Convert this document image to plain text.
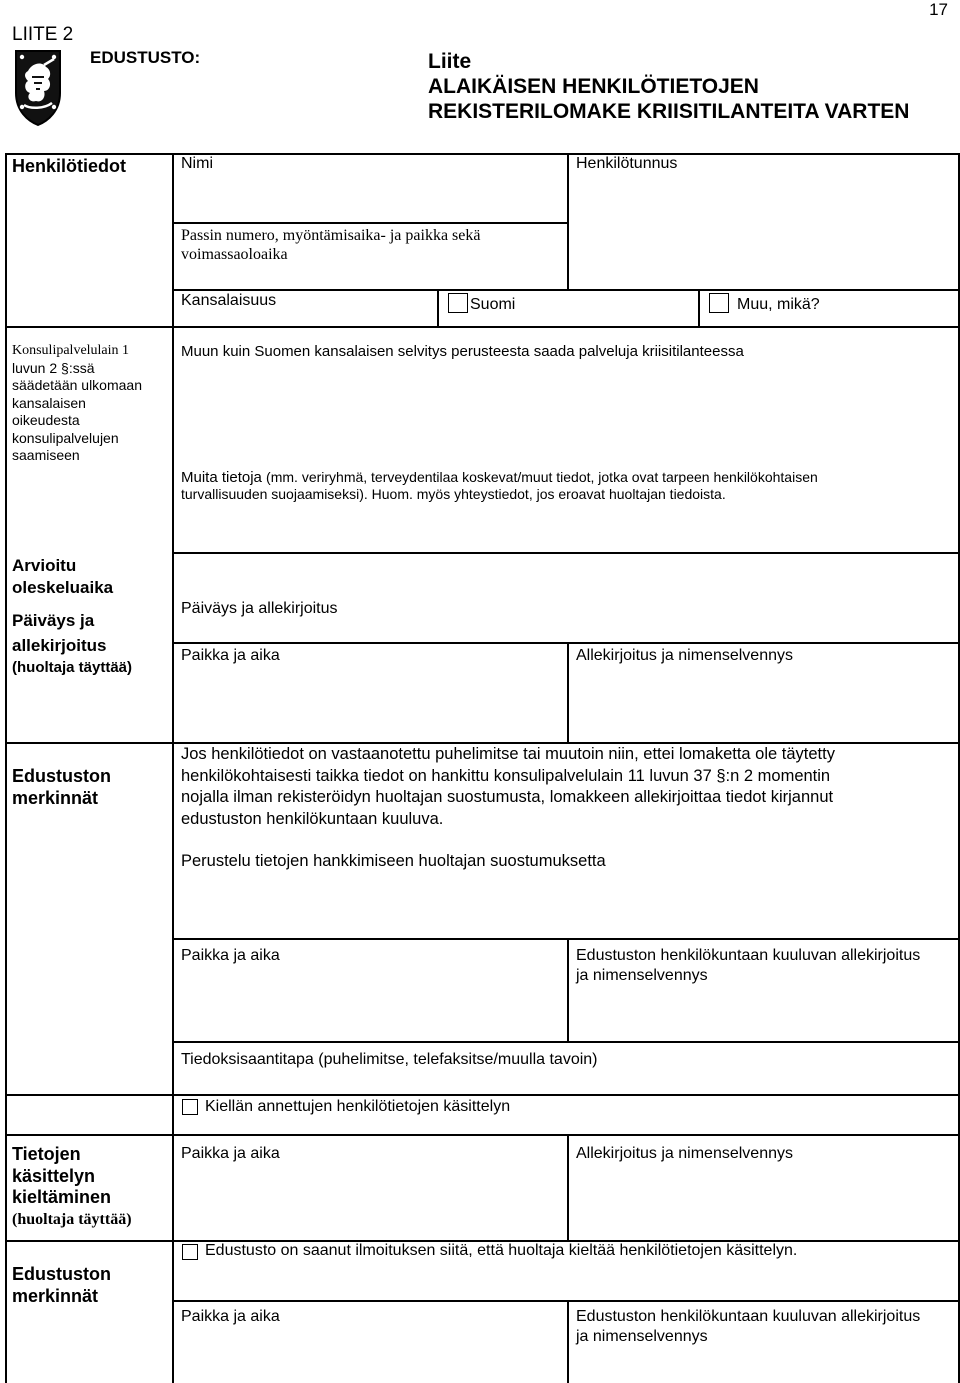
17
LIITE 2
EDUSTUSTO:	Liite
ALAIKÄISEN HENKILÖTIETOJEN
REKISTERILOMAKE KRIISITILANTEITA VARTEN
Henkilötiedot	Nimi	Henkilötunnus
Passin numero, myöntämisaika- ja paikka sekä
voimassaoloaika
Kansalaisuus	Suomi	Muu, mikä?
Konsulipalvelulain 1
luvun 2 §:ssä
säädetään ulkomaan
kansalaisen
oikeudesta
konsulipalvelujen
saamiseen
Muun kuin Suomen kansalaisen selvitys perusteesta saada palveluja kriisitilanteessa
Muita tietoja (mm. veriryhmä, terveydentilaa koskevat/muut tiedot, jotka ovat tarpeen henkilökohtaisen
turvallisuuden suojaamiseksi). Huom. myös yhteystiedot, jos eroavat huoltajan tiedoista.
Arvioitu
oleskeluaika
Päiväys ja
allekirjoitus
(huoltaja täyttää)
Päiväys ja allekirjoitus
Paikka ja aika	Allekirjoitus ja nimenselvennys
Edustuston
merkinnät
Jos henkilötiedot on vastaanotettu puhelimitse tai muutoin niin, ettei lomaketta ole täytetty
henkilökohtaisesti taikka tiedot on hankittu konsulipalvelulain 11 luvun 37 §:n 2 momentin
nojalla ilman rekisteröidyn huoltajan suostumusta, lomakkeen allekirjoittaa tiedot kirjannut
edustuston henkilökuntaan kuuluva.
Perustelu tietojen hankkimiseen huoltajan suostumuksetta
Paikka ja aika	Edustuston henkilökuntaan kuuluvan allekirjoitus
ja nimenselvennys
Tiedoksisaantitapa (puhelimitse, telefaksitse/muulla tavoin)
Kiellän annettujen henkilötietojen käsittelyn
Tietojen
käsittelyn
kieltäminen
(huoltaja täyttää)
Paikka ja aika	Allekirjoitus ja nimenselvennys
Edustusto on saanut ilmoituksen siitä, että huoltaja kieltää henkilötietojen käsittelyn.
Edustuston
merkinnät
Paikka ja aika	Edustuston henkilökuntaan kuuluvan allekirjoitus
ja nimenselvennys
